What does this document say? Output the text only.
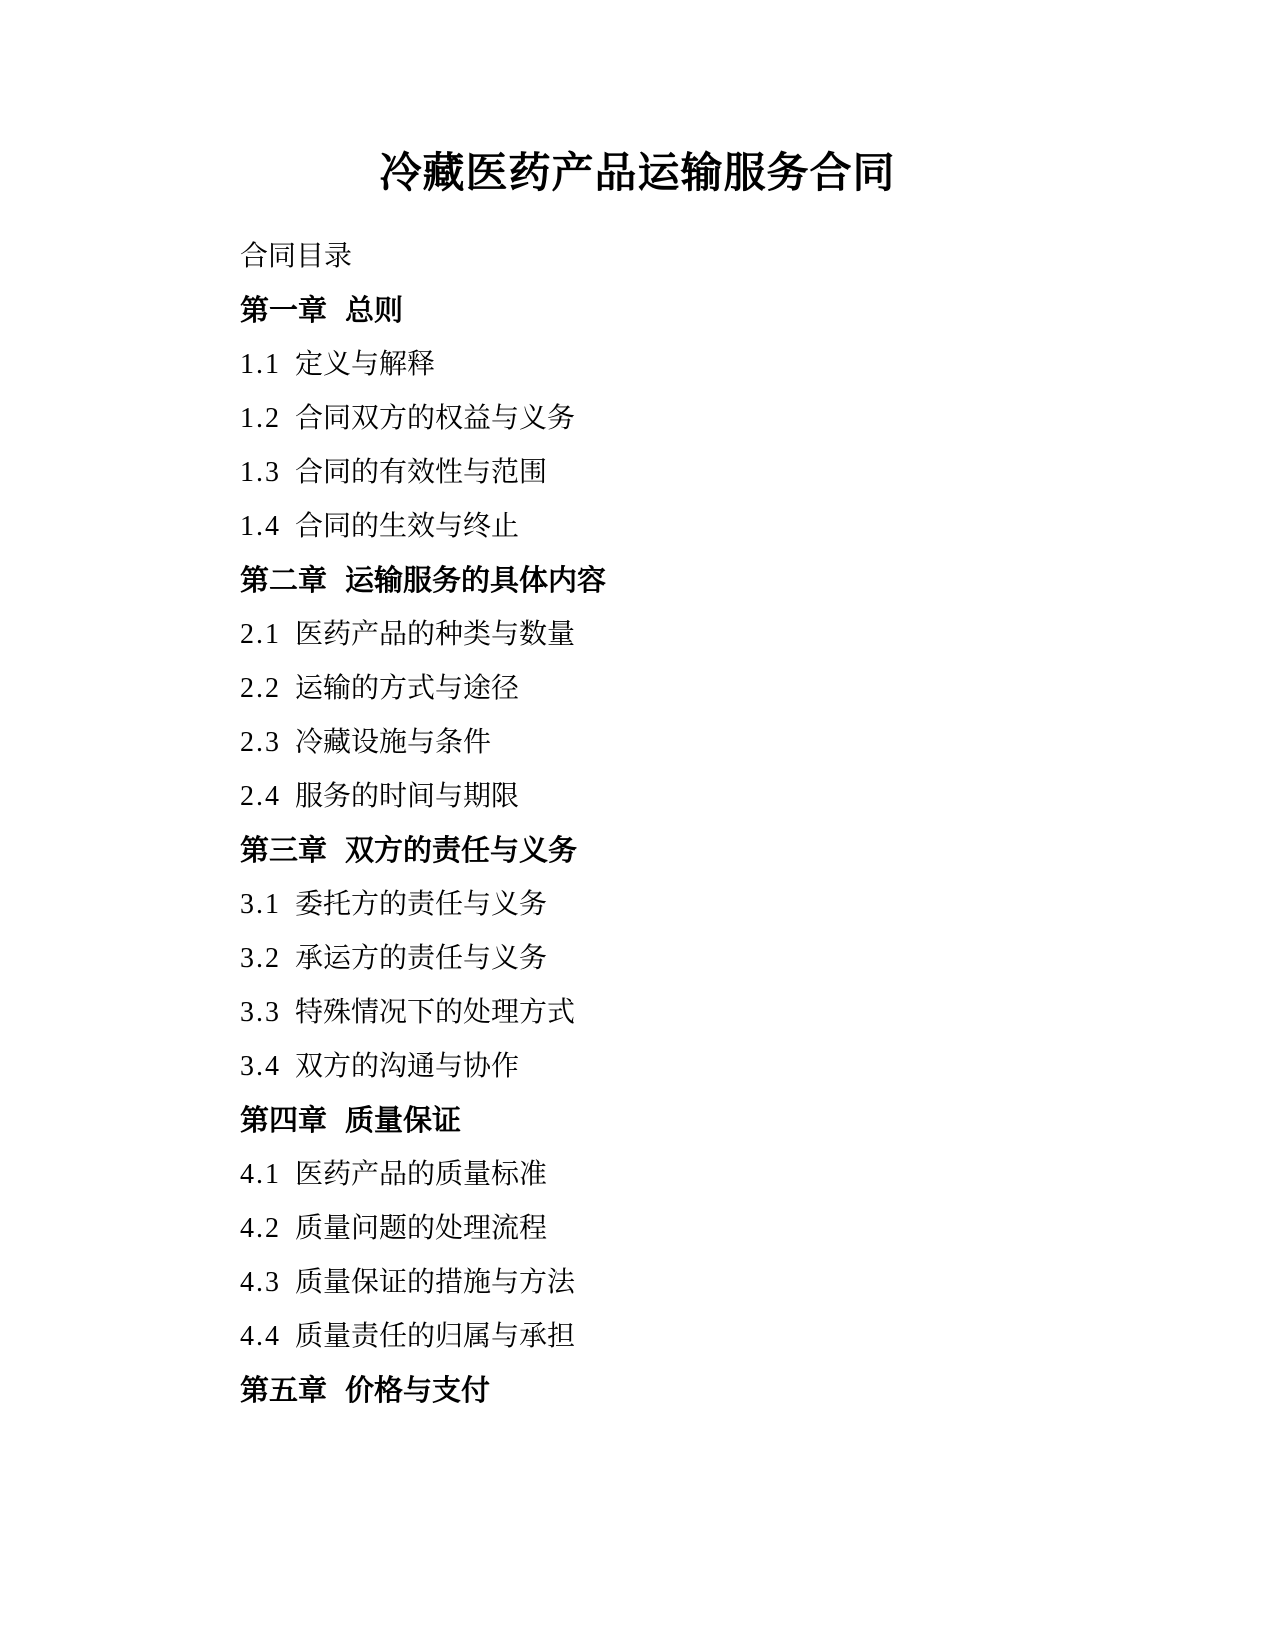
冷藏医药产品运输服务合同
合同目录
第一章 总则
1.1 定义与解释
1.2 合同双方的权益与义务
1.3 合同的有效性与范围
1.4 合同的生效与终止
第二章 运输服务的具体内容
2.1 医药产品的种类与数量
2.2 运输的方式与途径
2.3 冷藏设施与条件
2.4 服务的时间与期限
第三章 双方的责任与义务
3.1 委托方的责任与义务
3.2 承运方的责任与义务
3.3 特殊情况下的处理方式
3.4 双方的沟通与协作
第四章 质量保证
4.1 医药产品的质量标准
4.2 质量问题的处理流程
4.3 质量保证的措施与方法
4.4 质量责任的归属与承担
第五章 价格与支付
